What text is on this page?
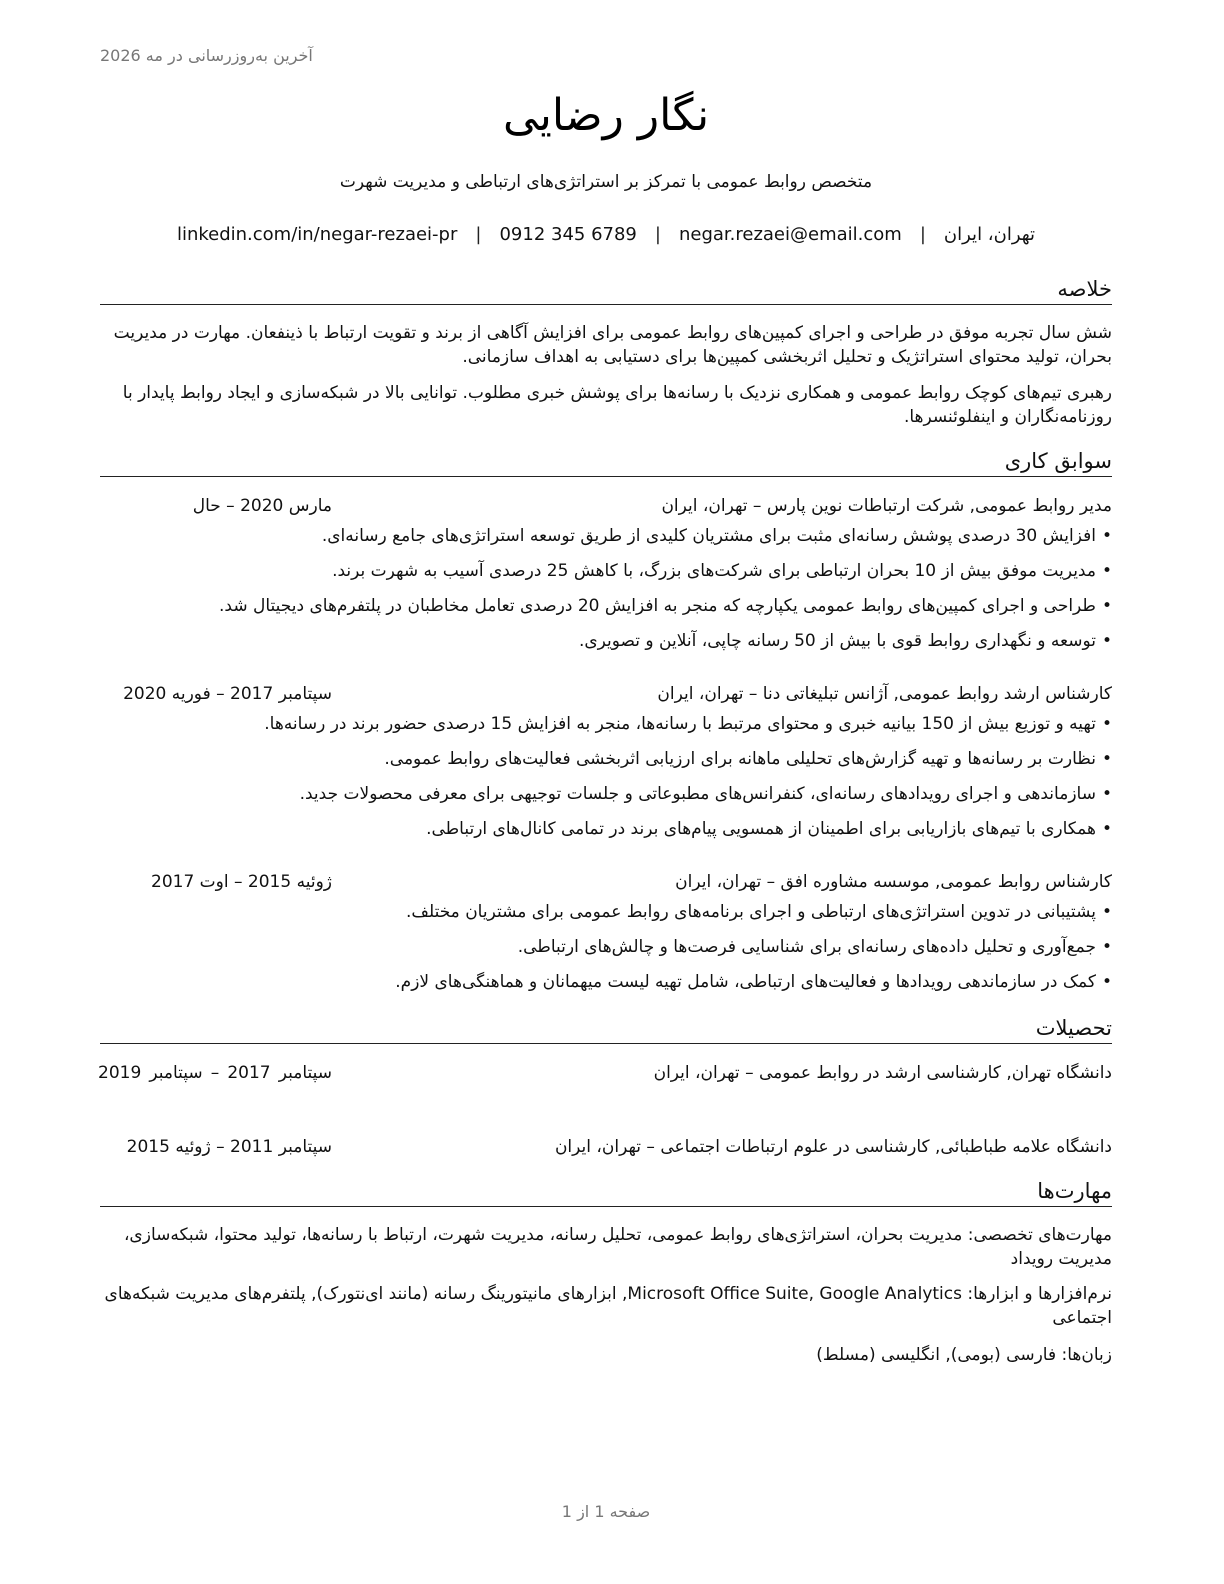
آخرین به‌روزرسانی در مه 2026
نگار رضایی
متخصص روابط عمومی با تمرکز بر استراتژی‌های ارتباطی و مدیریت شهرت
تهران، ایران
|
negar.rezaei@email.com
|
0912 345 6789
|
linkedin.com/in/negar-rezaei-pr
خلاصه
شش سال تجربه موفق در طراحی و اجرای کمپین‌های روابط عمومی برای افزایش آگاهی از برند و تقویت ارتباط با ذینفعان. مهارت در مدیریت بحران، تولید محتوای استراتژیک و تحلیل اثربخشی کمپین‌ها برای دستیابی به اهداف سازمانی.
رهبری تیم‌های کوچک روابط عمومی و همکاری نزدیک با رسانه‌ها برای پوشش خبری مطلوب. توانایی بالا در شبکه‌سازی و ایجاد روابط پایدار با روزنامه‌نگاران و اینفلوئنسرها.
سوابق کاری
مدیر روابط عمومی, شرکت ارتباطات نوین پارس – تهران، ایران
مارس 2020 – حال
•افزایش 30 درصدی پوشش رسانه‌ای مثبت برای مشتریان کلیدی از طریق توسعه استراتژی‌های جامع رسانه‌ای.
•مدیریت موفق بیش از 10 بحران ارتباطی برای شرکت‌های بزرگ، با کاهش 25 درصدی آسیب به شهرت برند.
•طراحی و اجرای کمپین‌های روابط عمومی یکپارچه که منجر به افزایش 20 درصدی تعامل مخاطبان در پلتفرم‌های دیجیتال شد.
•توسعه و نگهداری روابط قوی با بیش از 50 رسانه چاپی، آنلاین و تصویری.
کارشناس ارشد روابط عمومی, آژانس تبلیغاتی دنا – تهران، ایران
سپتامبر 2017 – فوریه 2020
•تهیه و توزیع بیش از 150 بیانیه خبری و محتوای مرتبط با رسانه‌ها، منجر به افزایش 15 درصدی حضور برند در رسانه‌ها.
•نظارت بر رسانه‌ها و تهیه گزارش‌های تحلیلی ماهانه برای ارزیابی اثربخشی فعالیت‌های روابط عمومی.
•سازماندهی و اجرای رویدادهای رسانه‌ای، کنفرانس‌های مطبوعاتی و جلسات توجیهی برای معرفی محصولات جدید.
•همکاری با تیم‌های بازاریابی برای اطمینان از همسویی پیام‌های برند در تمامی کانال‌های ارتباطی.
کارشناس روابط عمومی, موسسه مشاوره افق – تهران، ایران
ژوئیه 2015 – اوت 2017
•پشتیبانی در تدوین استراتژی‌های ارتباطی و اجرای برنامه‌های روابط عمومی برای مشتریان مختلف.
•جمع‌آوری و تحلیل داده‌های رسانه‌ای برای شناسایی فرصت‌ها و چالش‌های ارتباطی.
•کمک در سازماندهی رویدادها و فعالیت‌های ارتباطی، شامل تهیه لیست میهمانان و هماهنگی‌های لازم.
تحصیلات
دانشگاه تهران, کارشناسی ارشد در روابط عمومی – تهران، ایران
سپتامبر 2017 – سپتامبر 2019
دانشگاه علامه طباطبائی, کارشناسی در علوم ارتباطات اجتماعی – تهران، ایران
سپتامبر 2011 – ژوئیه 2015
مهارت‌ها
مهارت‌های تخصصی: مدیریت بحران، استراتژی‌های روابط عمومی، تحلیل رسانه، مدیریت شهرت، ارتباط با رسانه‌ها، تولید محتوا، شبکه‌سازی، مدیریت رویداد
نرم‌افزارها و ابزارها: Microsoft Office Suite, Google Analytics, ابزارهای مانیتورینگ رسانه (مانند ای‌نتورک), پلتفرم‌های مدیریت شبکه‌های اجتماعی
زبان‌ها: فارسی (بومی), انگلیسی (مسلط)
صفحه 1 از 1
